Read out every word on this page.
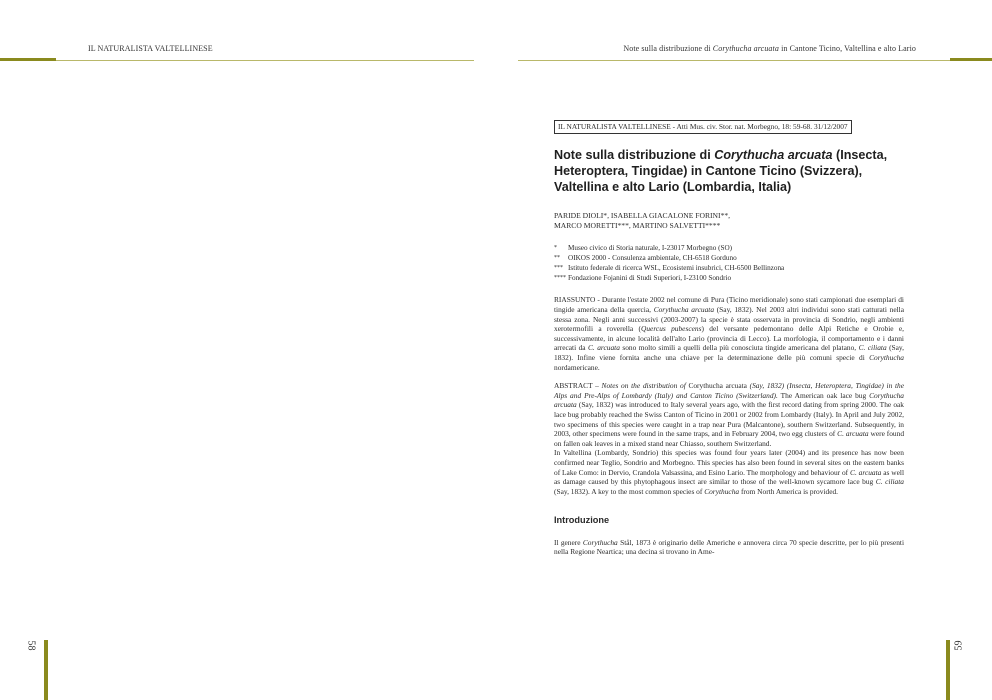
IL NATURALISTA VALTELLINESE	Note sulla distribuzione di Corythucha arcuata in Cantone Ticino, Valtellina e alto Lario
58	59
IL NATURALISTA VALTELLINESE - Atti Mus. civ. Stor. nat. Morbegno, 18: 59-68. 31/12/2007
Note sulla distribuzione di Corythucha arcuata (Insecta, Heteroptera, Tingidae) in Cantone Ticino (Svizzera), Valtellina e alto Lario (Lombardia, Italia)
PARIDE DIOLI*, ISABELLA GIACALONE FORINI**,
MARCO MORETTI***, MARTINO SALVETTI****
*	Museo civico di Storia naturale, I-23017 Morbegno (SO)
**	OIKOS 2000 - Consulenza ambientale, CH-6518 Gorduno
*** Istituto federale di ricerca WSL, Ecosistemi insubrici, CH-6500 Bellinzona
**** Fondazione Fojanini di Studi Superiori, I-23100 Sondrio

RIASSUNTO - Durante l'estate 2002 nel comune di Pura (Ticino meridionale) sono stati campionati due esemplari di tingide americana della quercia, Corythucha arcuata (Say, 1832). Nel 2003 altri individui sono stati catturati nella stessa zona. Negli anni successivi (2003-2007) la specie è stata osservata in provincia di Sondrio, negli ambienti xerotermofili a roverella (Quercus pubescens) del versante pedemontano delle Alpi Retiche e Orobie e, successivamente, in alcune località dell'alto Lario (provincia di Lecco). La morfologia, il comportamento e i danni arrecati da C. arcuata sono molto simili a quelli della più conosciuta tingide americana del platano, C. ciliata (Say, 1832). Infine viene fornita anche una chiave per la determinazione delle più comuni specie di Corythucha nordamericane.

ABSTRACT – Notes on the distribution of Corythucha arcuata (Say, 1832) (Insecta, Heteroptera, Tingidae) in the Alps and Pre-Alps of Lombardy (Italy) and Canton Ticino (Switzerland). The American oak lace bug Corythucha arcuata (Say, 1832) was introduced to Italy several years ago, with the first record dating from spring 2000. The oak lace bug probably reached the Swiss Canton of Ticino in 2001 or 2002 from Lombardy (Italy). In April and July 2002, two specimens of this species were caught in a trap near Pura (Malcantone), southern Switzerland. Subsequently, in 2003, other specimens were found in the same traps, and in February 2004, two egg clusters of C. arcuata were found on fallen oak leaves in a mixed stand near Chiasso, southern Switzerland.

In Valtellina (Lombardy, Sondrio) this species was found four years later (2004) and its presence has now been confirmed near Teglio, Sondrio and Morbegno. This species has also been found in several sites on the eastern banks of Lake Como: in Dervio, Crandola Valsassina, and Esino Lario. The morphology and behaviour of C. arcuata as well as damage caused by this phytophagous insect are similar to those of the well-known sycamore lace bug C. ciliata (Say, 1832). A key to the most common species of Corythucha from North America is provided.

Introduzione

Il genere Corythucha Stål, 1873 è originario delle Americhe e annovera circa 70 specie descritte, per lo più presenti nella Regione Neartica; una decina si trovano in Ame-
